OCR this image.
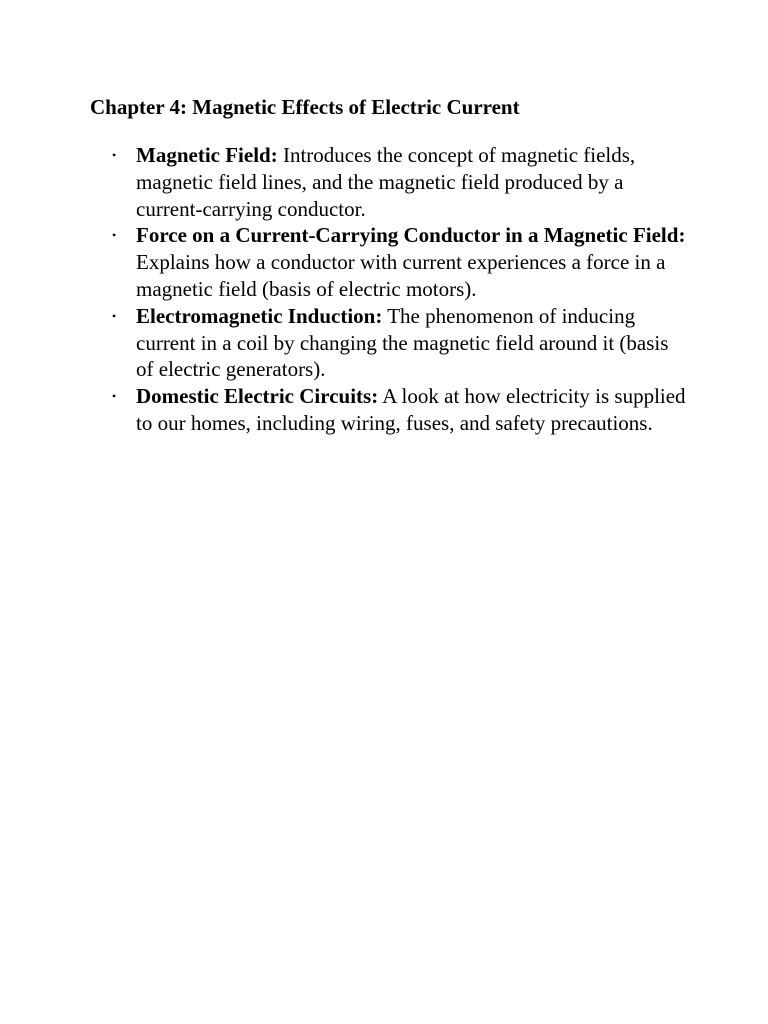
Chapter 4: Magnetic Effects of Electric Current
• Magnetic Field: Introduces the concept of magnetic fields, magnetic field lines, and the magnetic field produced by a current-carrying conductor.
• Force on a Current-Carrying Conductor in a Magnetic Field: Explains how a conductor with current experiences a force in a magnetic field (basis of electric motors).
• Electromagnetic Induction: The phenomenon of inducing current in a coil by changing the magnetic field around it (basis of electric generators).
• Domestic Electric Circuits: A look at how electricity is supplied to our homes, including wiring, fuses, and safety precautions.
